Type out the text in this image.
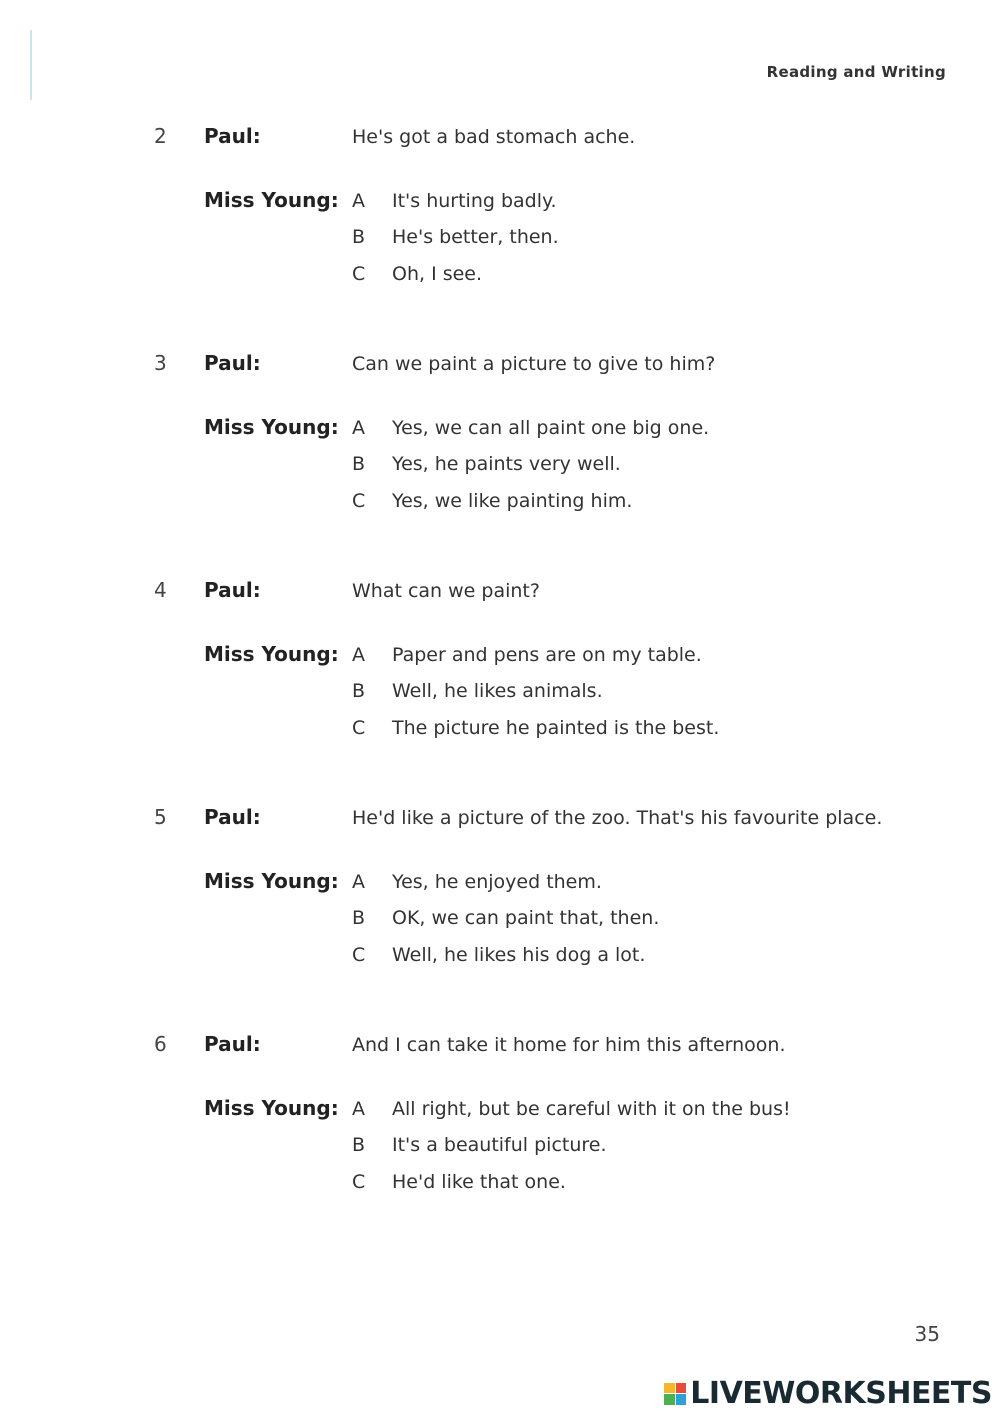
Reading and Writing
2 Paul:	He's got a bad stomach ache.
Miss Young: A It's hurting badly.
B He's better, then.
C Oh, I see.
3 Paul:	Can we paint a picture to give to him?
Miss Young: A Yes, we can all paint one big one.
B Yes, he paints very well.
C Yes, we like painting him.
4 Paul:	What can we paint?
Miss Young: A Paper and pens are on my table.
B Well, he likes animals.
C The picture he painted is the best.
5 Paul:	He'd like a picture of the zoo. That's his favourite place.
Miss Young: A Yes, he enjoyed them.
B OK, we can paint that, then.
C Well, he likes his dog a lot.
6 Paul:	And I can take it home for him this afternoon.
Miss Young: A All right, but be careful with it on the bus!
B It's a beautiful picture.
C He'd like that one.
35
LIVEWORKSHEETS
